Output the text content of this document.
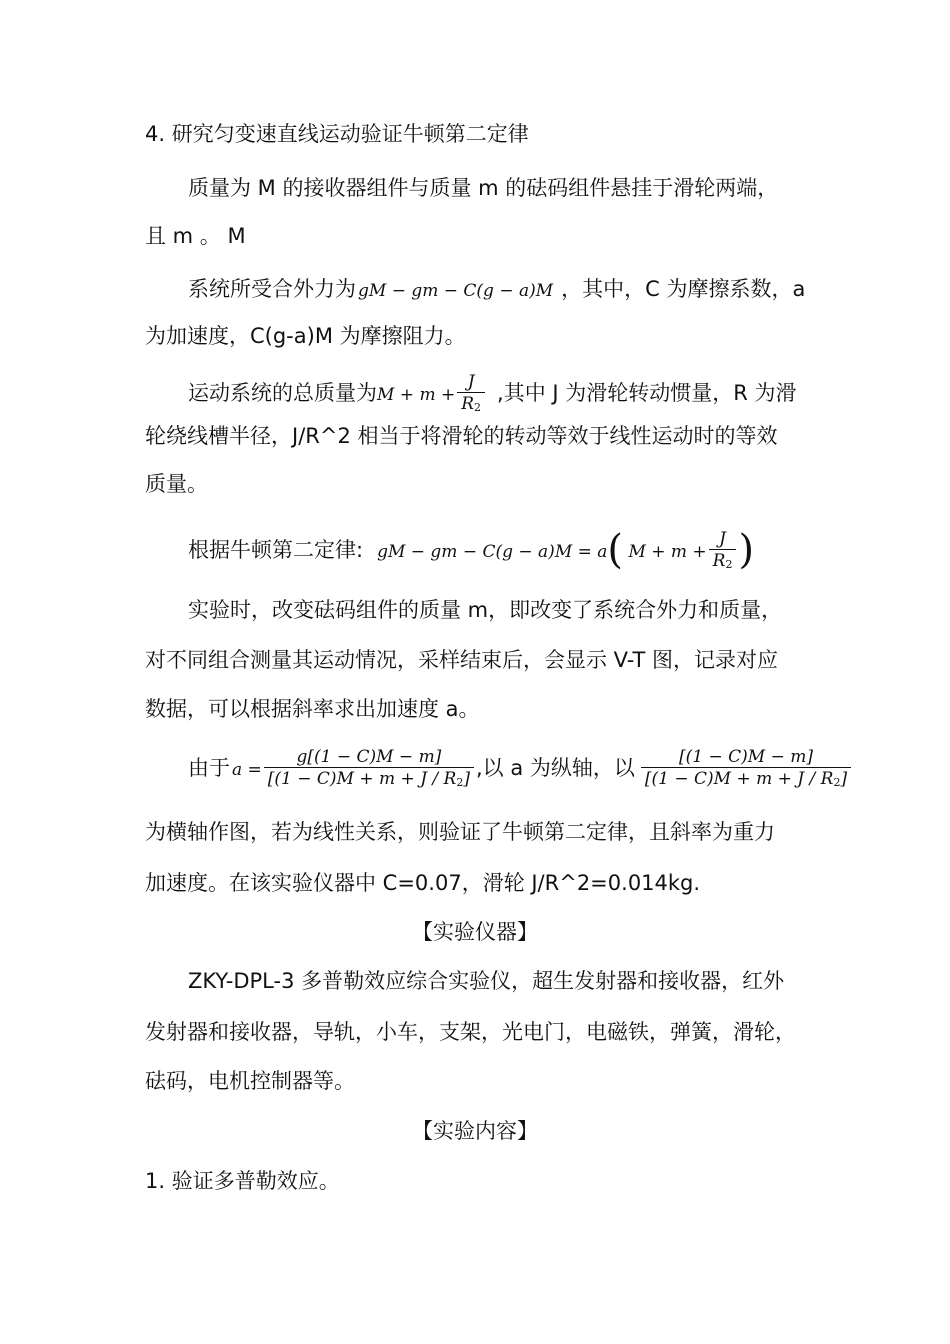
4. 研究匀变速直线运动验证牛顿第二定律
质量为 M 的接收器组件与质量 m 的砝码组件悬挂于滑轮两端，
且 m 。 M
系统所受合外力为 gM − gm − C(g − a)M ，其中，C 为摩擦系数，a
为加速度，C(g-a)M 为摩擦阻力。
运动系统的总质量为$M + m + \frac{J}{R2}$ ,其中 J 为滑轮转动惯量，R 为滑
轮绕线槽半径，J/R^2 相当于将滑轮的转动等效于线性运动时的等效
质量。
根据牛顿第二定律: gM − gm − C(g − a)M = a( $M + m + \frac{J}{R2}$ )
实验时，改变砝码组件的质量 m，即改变了系统合外力和质量，
对不同组合测量其运动情况，采样结束后，会显示 V-T 图，记录对应
数据，可以根据斜率求出加速度 a。
由于 $a = \frac{g[(1 - C)M - m]}{[(1 - C)M + m + J / R2]}$ ,以 a 为纵轴，以 $\frac{[(1 - C)M - m]}{[(1 - C)M + m + J / R2]}$
为横轴作图，若为线性关系，则验证了牛顿第二定律，且斜率为重力
加速度。在该实验仪器中 C=0.07，滑轮 J/R^2=0.014kg.
【实验仪器】
ZKY-DPL-3 多普勒效应综合实验仪，超生发射器和接收器，红外
发射器和接收器，导轨，小车，支架，光电门，电磁铁，弹簧，滑轮，
砝码，电机控制器等。
【实验内容】
1. 验证多普勒效应。
